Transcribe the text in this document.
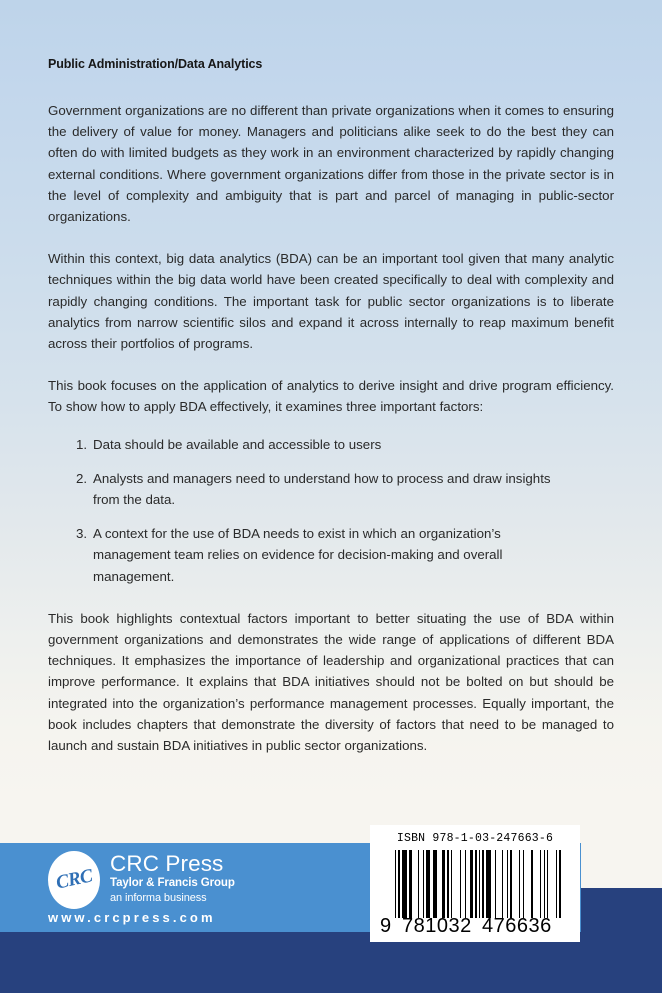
Public Administration/Data Analytics

Government organizations are no different than private organizations when it comes to ensuring the delivery of value for money. Managers and politicians alike seek to do the best they can often do with limited budgets as they work in an environment characterized by rapidly changing external conditions. Where government organizations differ from those in the private sector is in the level of complexity and ambiguity that is part and parcel of managing in public-sector organizations.

Within this context, big data analytics (BDA) can be an important tool given that many analytic techniques within the big data world have been created specifically to deal with complexity and rapidly changing conditions. The important task for public sector organizations is to liberate analytics from narrow scientific silos and expand it across internally to reap maximum benefit across their portfolios of programs.

This book focuses on the application of analytics to derive insight and drive program efficiency. To show how to apply BDA effectively, it examines three important factors:

1. Data should be available and accessible to users
2. Analysts and managers need to understand how to process and draw insights from the data.
3. A context for the use of BDA needs to exist in which an organization’s management team relies on evidence for decision-making and overall management.

This book highlights contextual factors important to better situating the use of BDA within government organizations and demonstrates the wide range of applications of different BDA techniques. It emphasizes the importance of leadership and organizational practices that can improve performance. It explains that BDA initiatives should not be bolted on but should be integrated into the organization’s performance management processes. Equally important, the book includes chapters that demonstrate the diversity of factors that need to be managed to launch and sustain BDA initiatives in public sector organizations.

CRC
CRC Press
Taylor & Francis Group
an informa business
www.crcpress.com
ISBN 978-1-03-247663-6
9 781032 476636
